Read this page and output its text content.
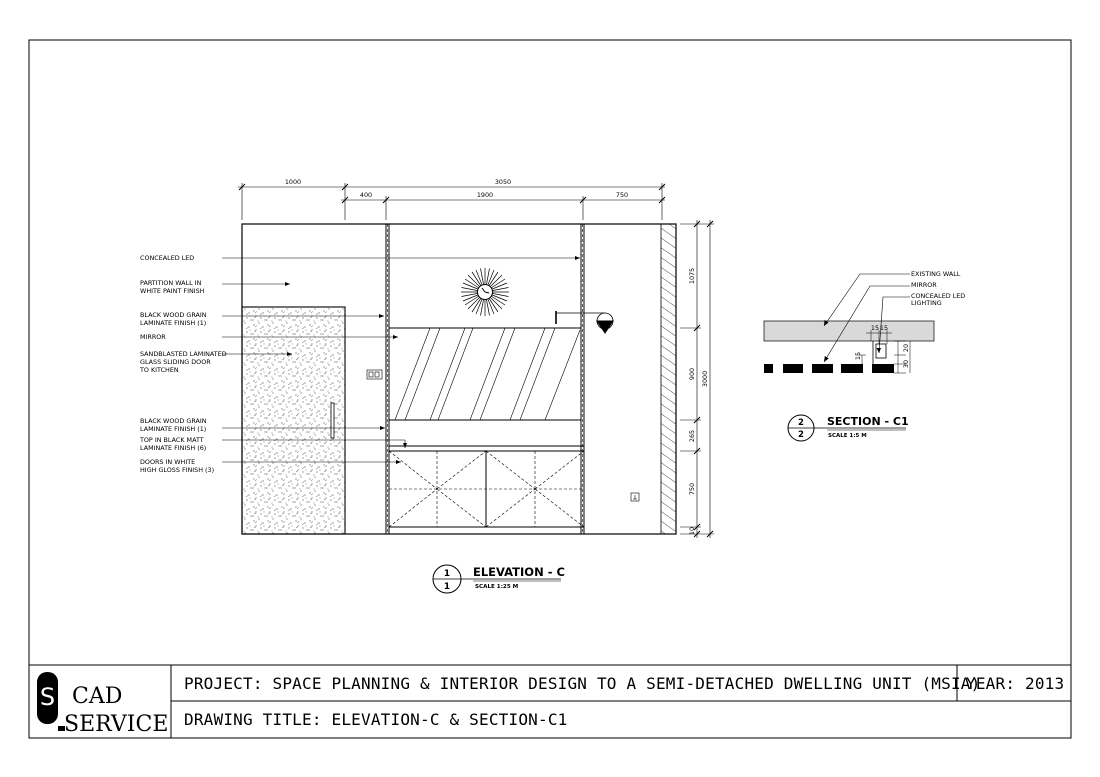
CONCEALED LED
PARTITION WALL IN
WHITE PAINT FINISH
BLACK WOOD GRAIN
LAMINATE FINISH (1)
MIRROR
SANDBLASTED LAMINATED
GLASS SLIDING DOOR
TO KITCHEN
BLACK WOOD GRAIN
LAMINATE FINISH (1)
TOP IN BLACK MATT
LAMINATE FINISH (6)
DOORS IN WHITE
HIGH GLOSS FINISH (3)
1000	3050
400	1900	750
1075
900
265
750
10
3000
1
1
ELEVATION - C
SCALE 1:25 M
EXISTING WALL
MIRROR
CONCEALED LED
LIGHTING
15 15
15
20
30
2
2
SECTION - C1
SCALE 1:5 M
S CAD
SERVICE
PROJECT: SPACE PLANNING & INTERIOR DESIGN TO A SEMI-DETACHED DWELLING UNIT (MSIA)
YEAR: 2013
DRAWING TITLE: ELEVATION-C & SECTION-C1
